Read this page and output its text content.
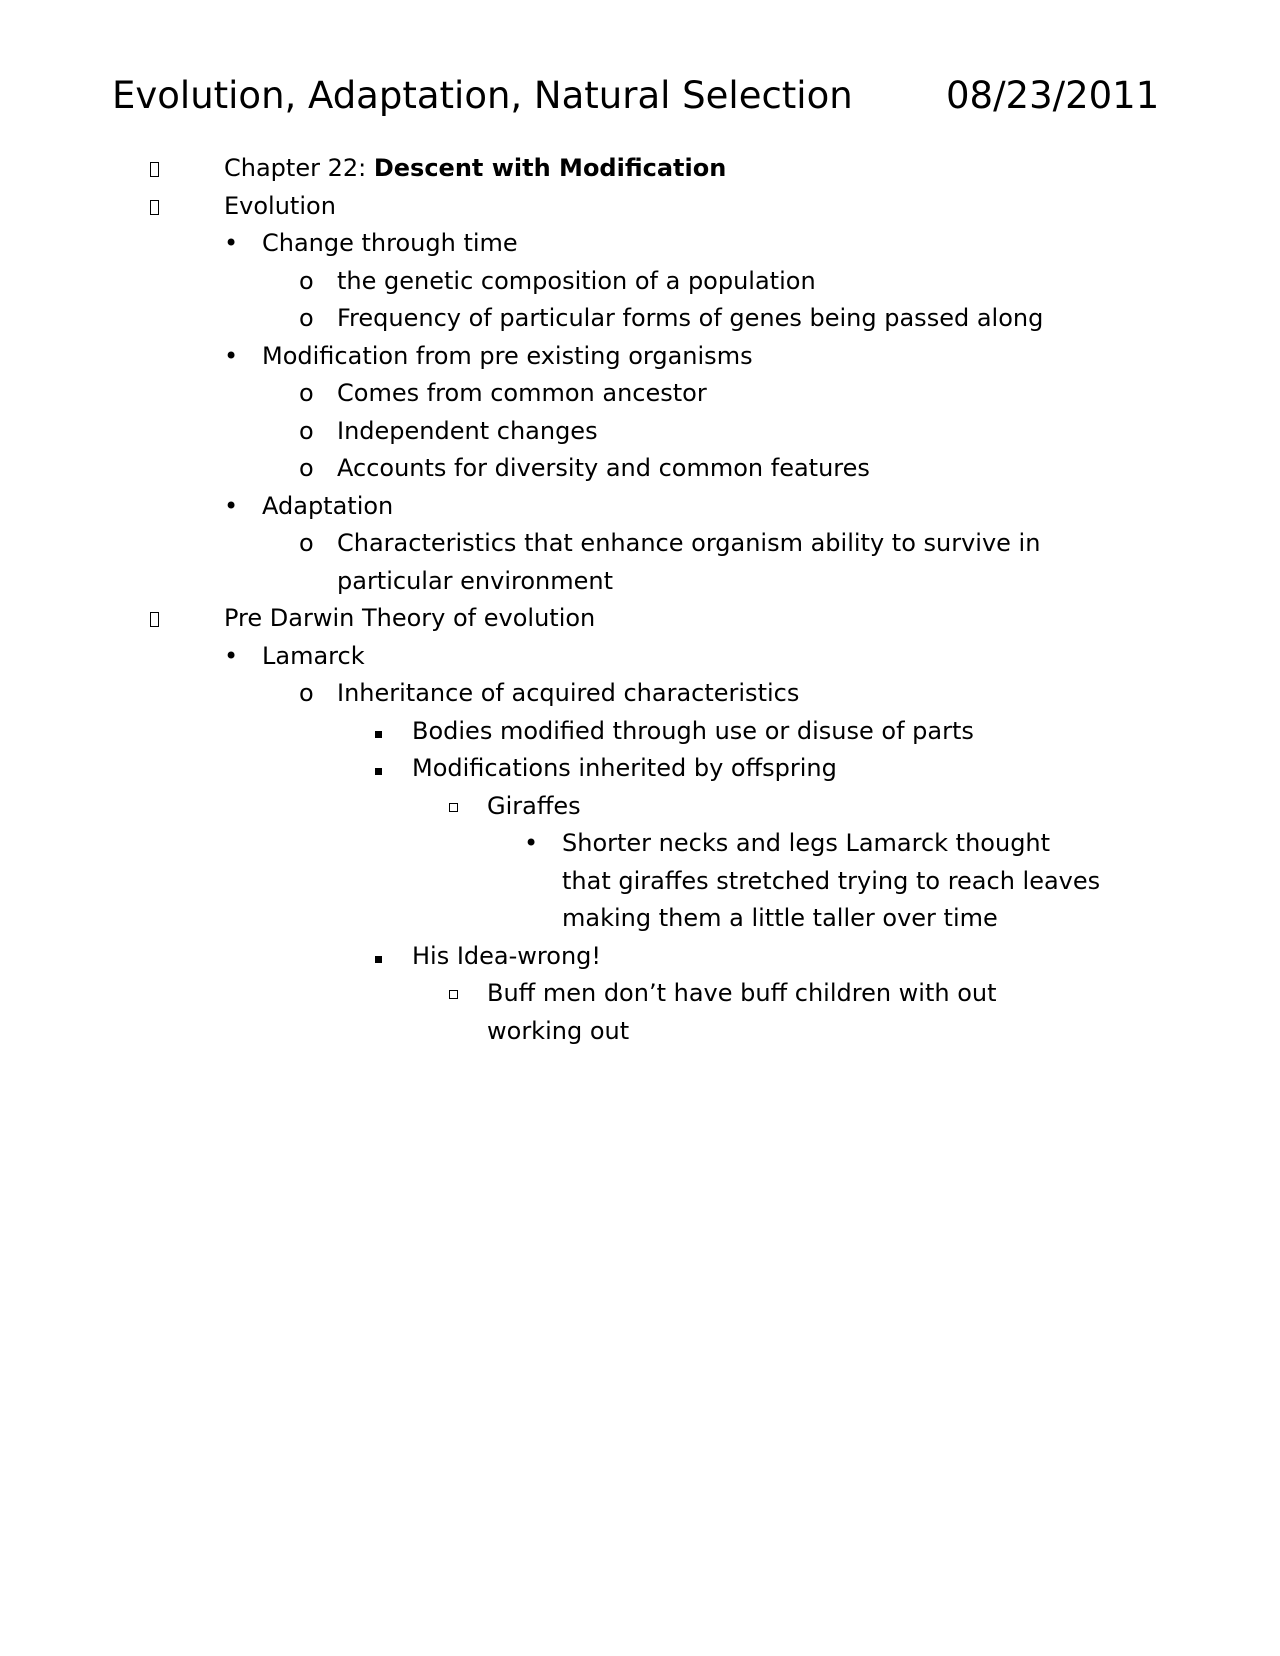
Evolution, Adaptation, Natural Selection	08/23/2011
Chapter 22: Descent with Modification
Evolution
• Change through time
o the genetic composition of a population
o Frequency of particular forms of genes being passed along
• Modification from pre existing organisms
o Comes from common ancestor
o Independent changes
o Accounts for diversity and common features
• Adaptation
o Characteristics that enhance organism ability to survive in
particular environment
Pre Darwin Theory of evolution
• Lamarck
o Inheritance of acquired characteristics
Bodies modified through use or disuse of parts
Modifications inherited by offspring
Giraffes
• Shorter necks and legs Lamarck thought
that giraffes stretched trying to reach leaves
making them a little taller over time
His Idea-wrong!
Buff men don’t have buff children with out
working out
